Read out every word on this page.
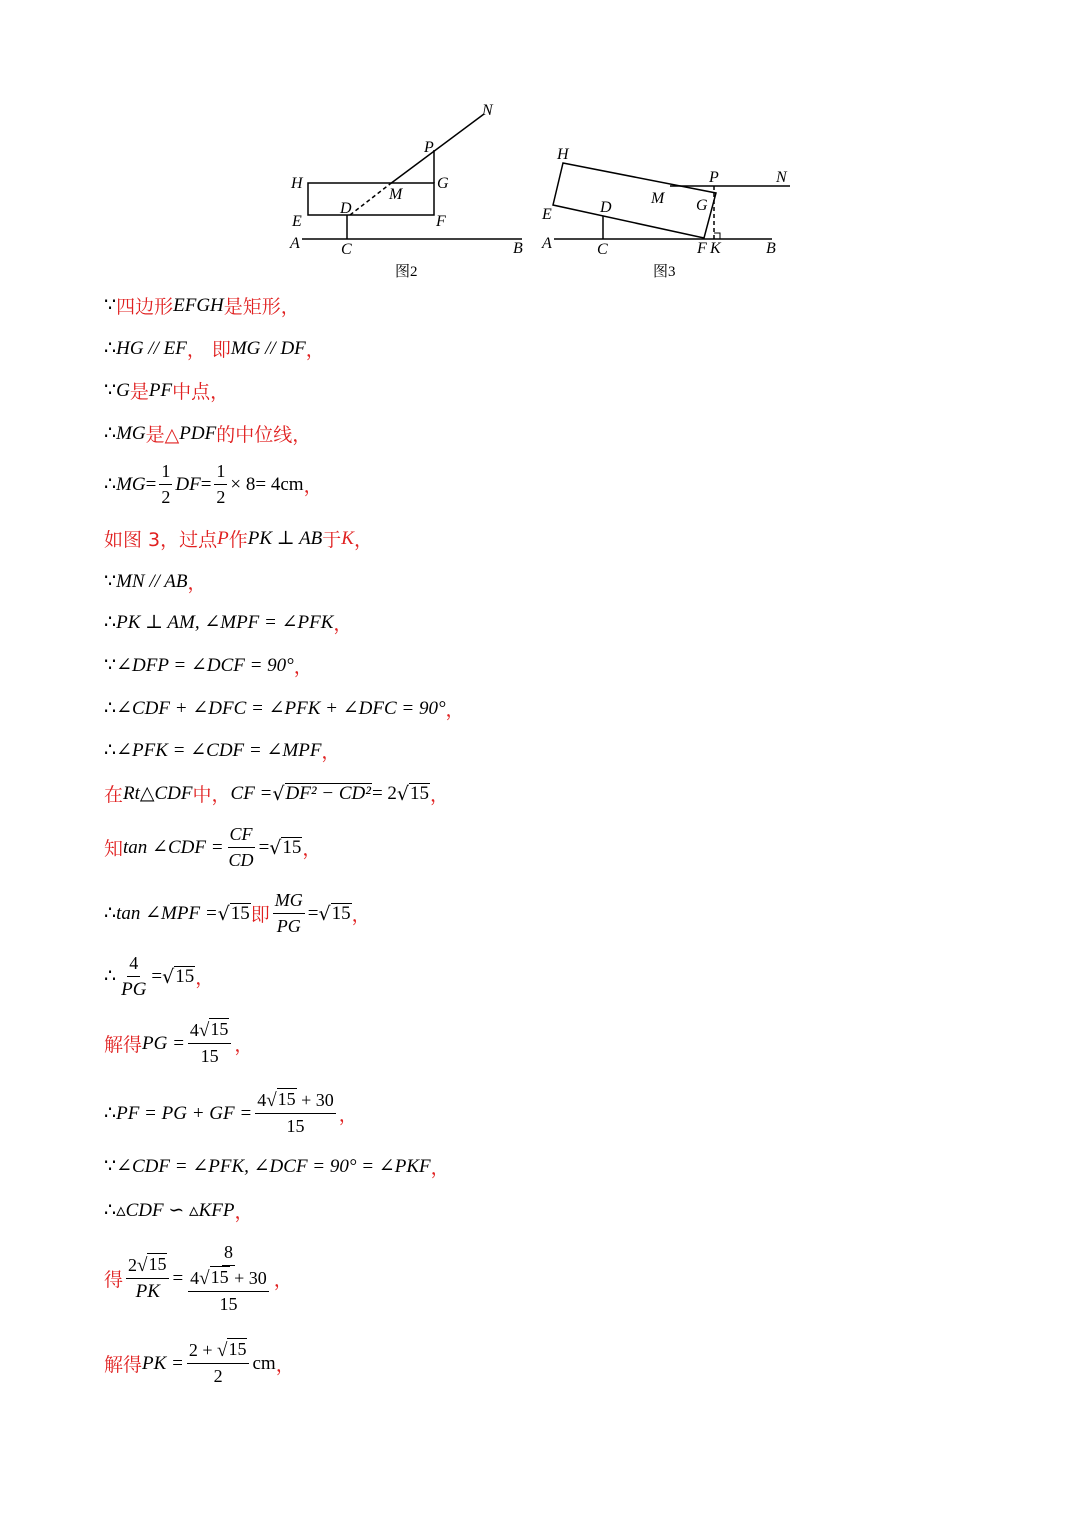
N
P
H
M
G
E
D
F
A	C	B
图2
H
P	N
M G
E	D
A	C	F K	B
图3
∵ 四边形 EFGH 是矩形，
∴ HG // EF ， 即 MG // DF ，
∵ G 是 PF 中点，
∴ MG 是△ PDF 的中位线，
∴ MG = $\frac{1}{2}$ DF = $\frac{1}{2} \times 8= 4cm$ ，
如图 3，过点 P 作 PK ⊥ AB 于 K ，
∵ MN // AB ，
∴ PK ⊥ AM, ∠MPF = ∠PFK ，
∵ ∠DFP = ∠DCF = 90° ，
∴ ∠CDF + ∠DFC = ∠PFK + ∠DFC = 90° ，
∴ ∠PFK = ∠CDF = ∠MPF ，
在 Rt△CDF 中， CF = √ DF² − CD² = 2 √ 15 ，
知 tan ∠CDF = $\frac{CF}{CD}$ = √ 15 ，
∴ tan ∠MPF = √ 15 即 $\frac{MG}{PG}$ = √ 15 ，
∴ $\frac{4}{PG}$ = √ 15 ，
解得 PG = $\frac{4 √ 15}{15}$ ，
∴ PF = PG + GF = $\frac{4 √ 15 + 30}{15}$ ，
∵ ∠CDF = ∠PFK, ∠DCF = 90° = ∠PKF ，
∴ ▵CDF ∽ ▵KFP ，
得 $\frac{2 √ 15}{PK} = 8$
4 √ 15 + 30
15 ，
解得 PK = $\frac{2 + √ 15}{2}$ cm ，
